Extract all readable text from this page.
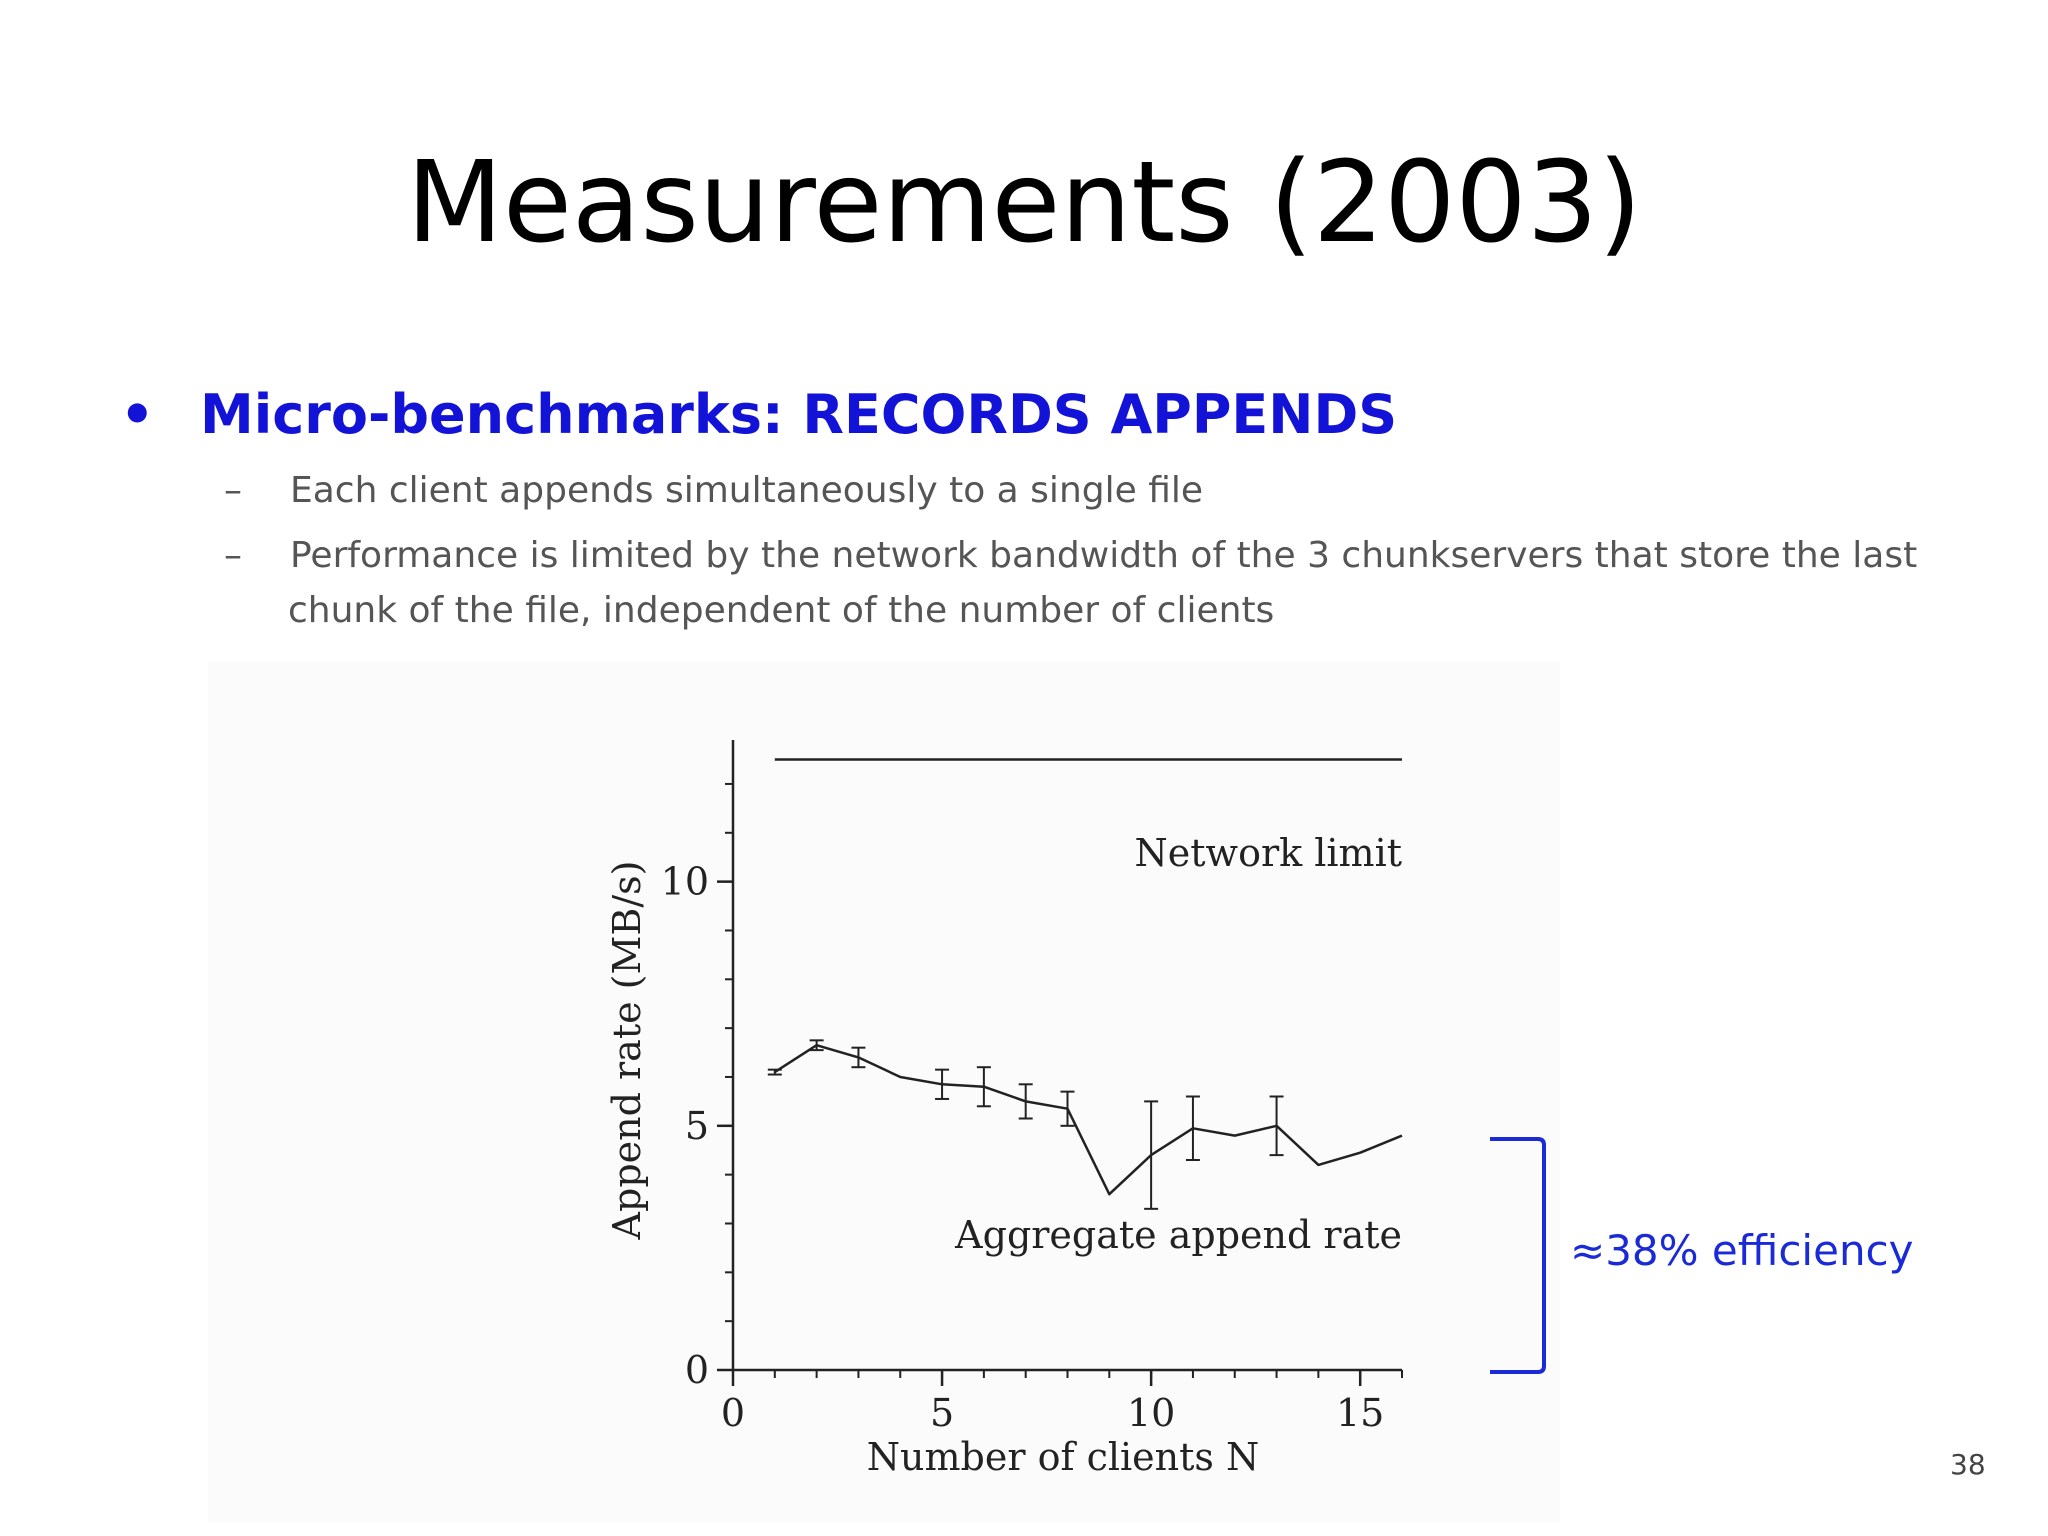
Measurements (2003)
• Micro-benchmarks: RECORDS APPENDS
– Each client appends simultaneously to a single file
– Performance is limited by the network bandwidth of the 3 chunkservers that store the last
chunk of the file, independent of the number of clients
0	5	10	15
0
5
10
Network limit
Aggregate append rate
Number of clients N
Append rate (MB/s)
≈38% efficiency
38
